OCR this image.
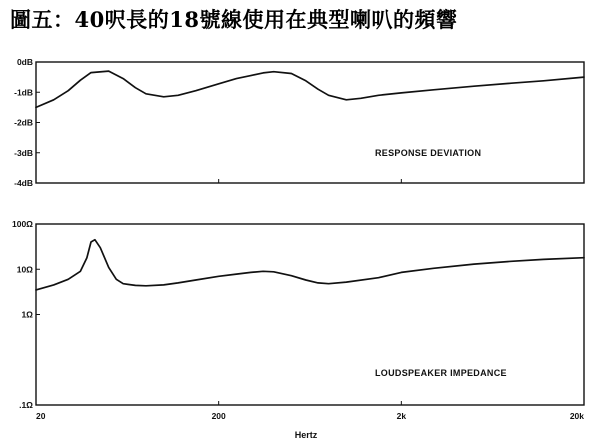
圖五：40呎長的18號線使用在典型喇叭的頻響
0dB
-1dB
-2dB
-3dB
-4dB
RESPONSE DEVIATION
100Ω
10Ω
1Ω
.1Ω
LOUDSPEAKER IMPEDANCE
20	200	2k	20k
Hertz
